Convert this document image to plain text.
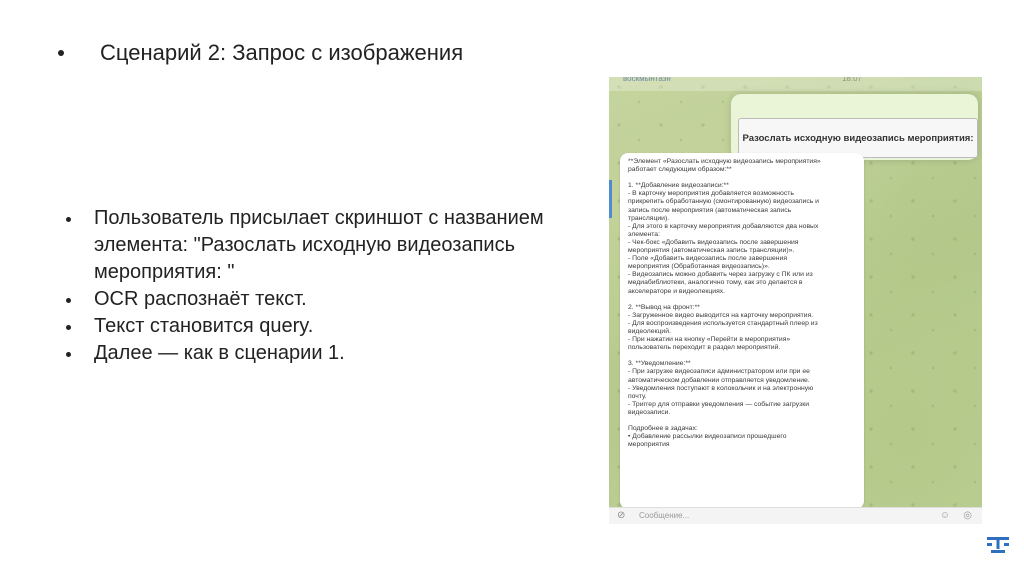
Сценарий 2: Запрос с изображения
Пользователь присылает скриншот с названием элемента: "Разослать исходную видеозапись мероприятия: "
OCR распознаёт текст.
Текст становится query.
Далее — как в сценарии 1.
воскмынтазн	18:07
Разослать исходную видеозапись мероприятия:
**Элемент «Разослать исходную видеозапись мероприятия»
работает следующим образом:**
1. **Добавление видеозаписи:**
- В карточку мероприятия добавляется возможность
прикрепить обработанную (смонтированную) видеозапись и
запись после мероприятия (автоматическая запись
трансляции).
- Для этого в карточку мероприятия добавляются два новых
элемента:
- Чек-бокс «Добавить видеозапись после завершения
мероприятия (автоматическая запись трансляции)».
- Поле «Добавить видеозапись после завершения
мероприятия (Обработанная видеозапись)».
- Видеозапись можно добавить через загрузку с ПК или из
медиабиблиотеки, аналогично тому, как это делается в
акселераторе и видеолекциях.
2. **Вывод на фронт:**
- Загруженное видео выводится на карточку мероприятия.
- Для воспроизведения используется стандартный плеер из
видеолекций.
- При нажатии на кнопку «Перейти в мероприятия»
пользователь переходит в раздел мероприятий.
3. **Уведомление:**
- При загрузке видеозаписи администратором или при ее
автоматическом добавлении отправляется уведомление.
- Уведомления поступают в колокольчик и на электронную
почту.
- Триггер для отправки уведомления — событие загрузки
видеозаписи.
Подробнее в задачах:
• Добавление рассылки видеозаписи прошедшего
мероприятия
⊘ Сообщение...	☺ ◎
